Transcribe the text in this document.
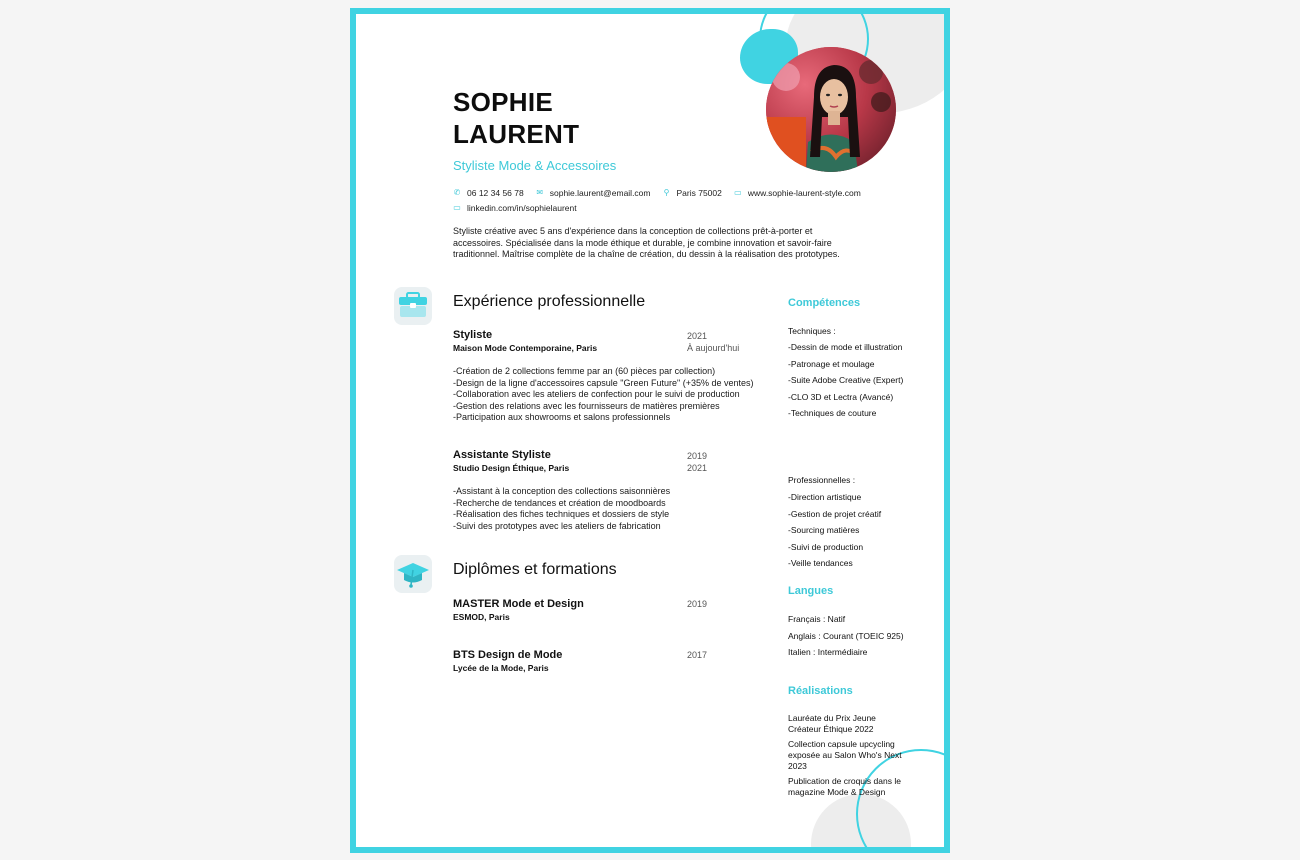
SOPHIE
LAURENT
Styliste Mode & Accessoires
✆ 06 12 34 56 78 ✉ sophie.laurent@email.com ⚲ Paris 75002 ▭ www.sophie-laurent-style.com
▭ linkedin.com/in/sophielaurent
Styliste créative avec 5 ans d'expérience dans la conception de collections prêt-à-porter et accessoires. Spécialisée dans la mode éthique et durable, je combine innovation et savoir-faire traditionnel. Maîtrise complète de la chaîne de création, du dessin à la réalisation des prototypes.
Expérience professionnelle
Styliste
Maison Mode Contemporaine, Paris
2021
À aujourd'hui
-Création de 2 collections femme par an (60 pièces par collection)
-Design de la ligne d'accessoires capsule "Green Future" (+35% de ventes)
-Collaboration avec les ateliers de confection pour le suivi de production
-Gestion des relations avec les fournisseurs de matières premières
-Participation aux showrooms et salons professionnels
Assistante Styliste
Studio Design Éthique, Paris
2019
2021
-Assistant à la conception des collections saisonnières
-Recherche de tendances et création de moodboards
-Réalisation des fiches techniques et dossiers de style
-Suivi des prototypes avec les ateliers de fabrication
Diplômes et formations
MASTER Mode et Design
ESMOD, Paris
2019
BTS Design de Mode
Lycée de la Mode, Paris
2017
Compétences
Techniques :
-Dessin de mode et illustration
-Patronage et moulage
-Suite Adobe Creative (Expert)
-CLO 3D et Lectra (Avancé)
-Techniques de couture
Professionnelles :
-Direction artistique
-Gestion de projet créatif
-Sourcing matières
-Suivi de production
-Veille tendances
Langues
Français : Natif
Anglais : Courant (TOEIC 925)
Italien : Intermédiaire
Réalisations
Lauréate du Prix Jeune Créateur Éthique 2022
Collection capsule upcycling exposée au Salon Who's Next 2023
Publication de croquis dans le magazine Mode & Design
